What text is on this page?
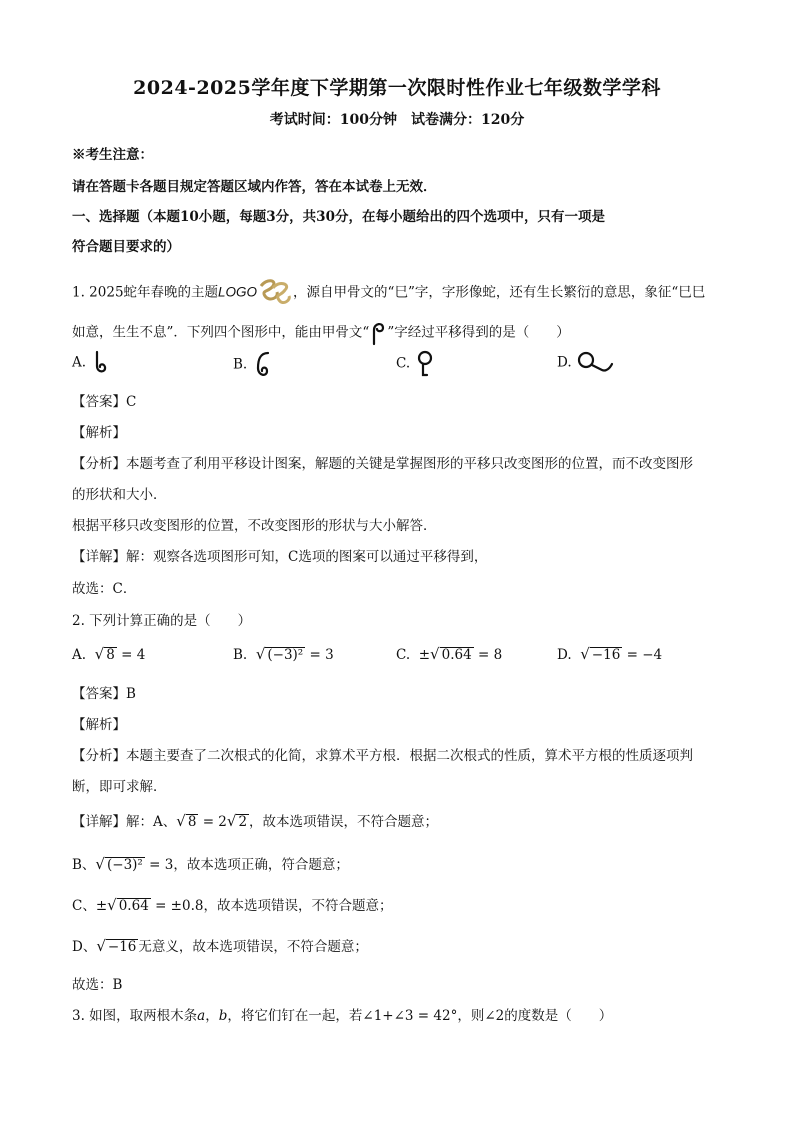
2024-2025学年度下学期第一次限时性作业七年级数学学科
考试时间：100分钟　试卷满分：120分
※考生注意：
请在答题卡各题目规定答题区域内作答，答在本试卷上无效．
一、选择题（本题10小题，每题3分，共30分，在每小题给出的四个选项中，只有一项是
符合题目要求的）
1. 2025蛇年春晚的主题LOGO	，源自甲骨文的“巳”字，字形像蛇，还有生长繁衍的意思，象征“巳巳
如意，生生不息”．下列四个图形中，能由甲骨文“ ”字经过平移得到的是（　　）
A.	B.	C.	D.
【答案】C
【解析】
【分析】本题考查了利用平移设计图案，解题的关键是掌握图形的平移只改变图形的位置，而不改变图形
的形状和大小．
根据平移只改变图形的位置，不改变图形的形状与大小解答．
【详解】解：观察各选项图形可知，C选项的图案可以通过平移得到，
故选：C．
2. 下列计算正确的是（　　）
A. √ 8 = 4	B. √ (−3)² = 3	C. ±√ 0.64 = 8	D. √ −16 = −4
【答案】B
【解析】
【分析】本题主要查了二次根式的化简，求算术平方根．根据二次根式的性质，算术平方根的性质逐项判
断，即可求解．
【详解】解：A、√ 8 = 2√ 2 ，故本选项错误，不符合题意；
B、√ (−3)² = 3，故本选项正确，符合题意；
C、±√ 0.64 = ±0.8，故本选项错误，不符合题意；
D、√ −16 无意义，故本选项错误，不符合题意；
故选：B
3. 如图，取两根木条a，b，将它们钉在一起，若∠1+∠3 = 42°，则∠2的度数是（　　）
